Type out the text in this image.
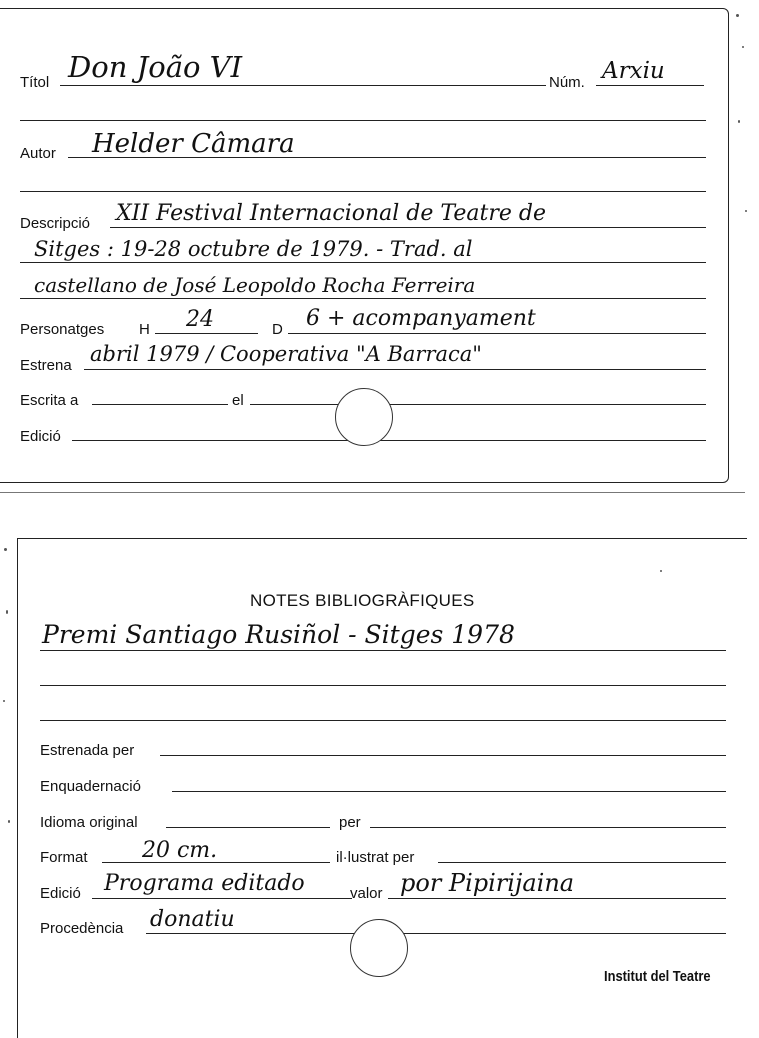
Títol Don João VI	Núm. Arxiu
Autor Helder Câmara
Descripció XII Festival Internacional de Teatre de
Sitges : 19-28 octubre de 1979. - Trad. al
castellano de José Leopoldo Rocha Ferreira
Personatges H 24	D 6 + acompanyament
Estrena abril 1979 / Cooperativa "A Barraca"
Escrita a	el
Edició
NOTES BIBLIOGRÀFIQUES
Premi Santiago Rusiñol - Sitges 1978
Estrenada per
Enquadernació
Idioma original	per
Format 20 cm.	il·lustrat per
Edició Programa editado	valor por Pipirijaina
Procedència donatiu
Institut del Teatre
